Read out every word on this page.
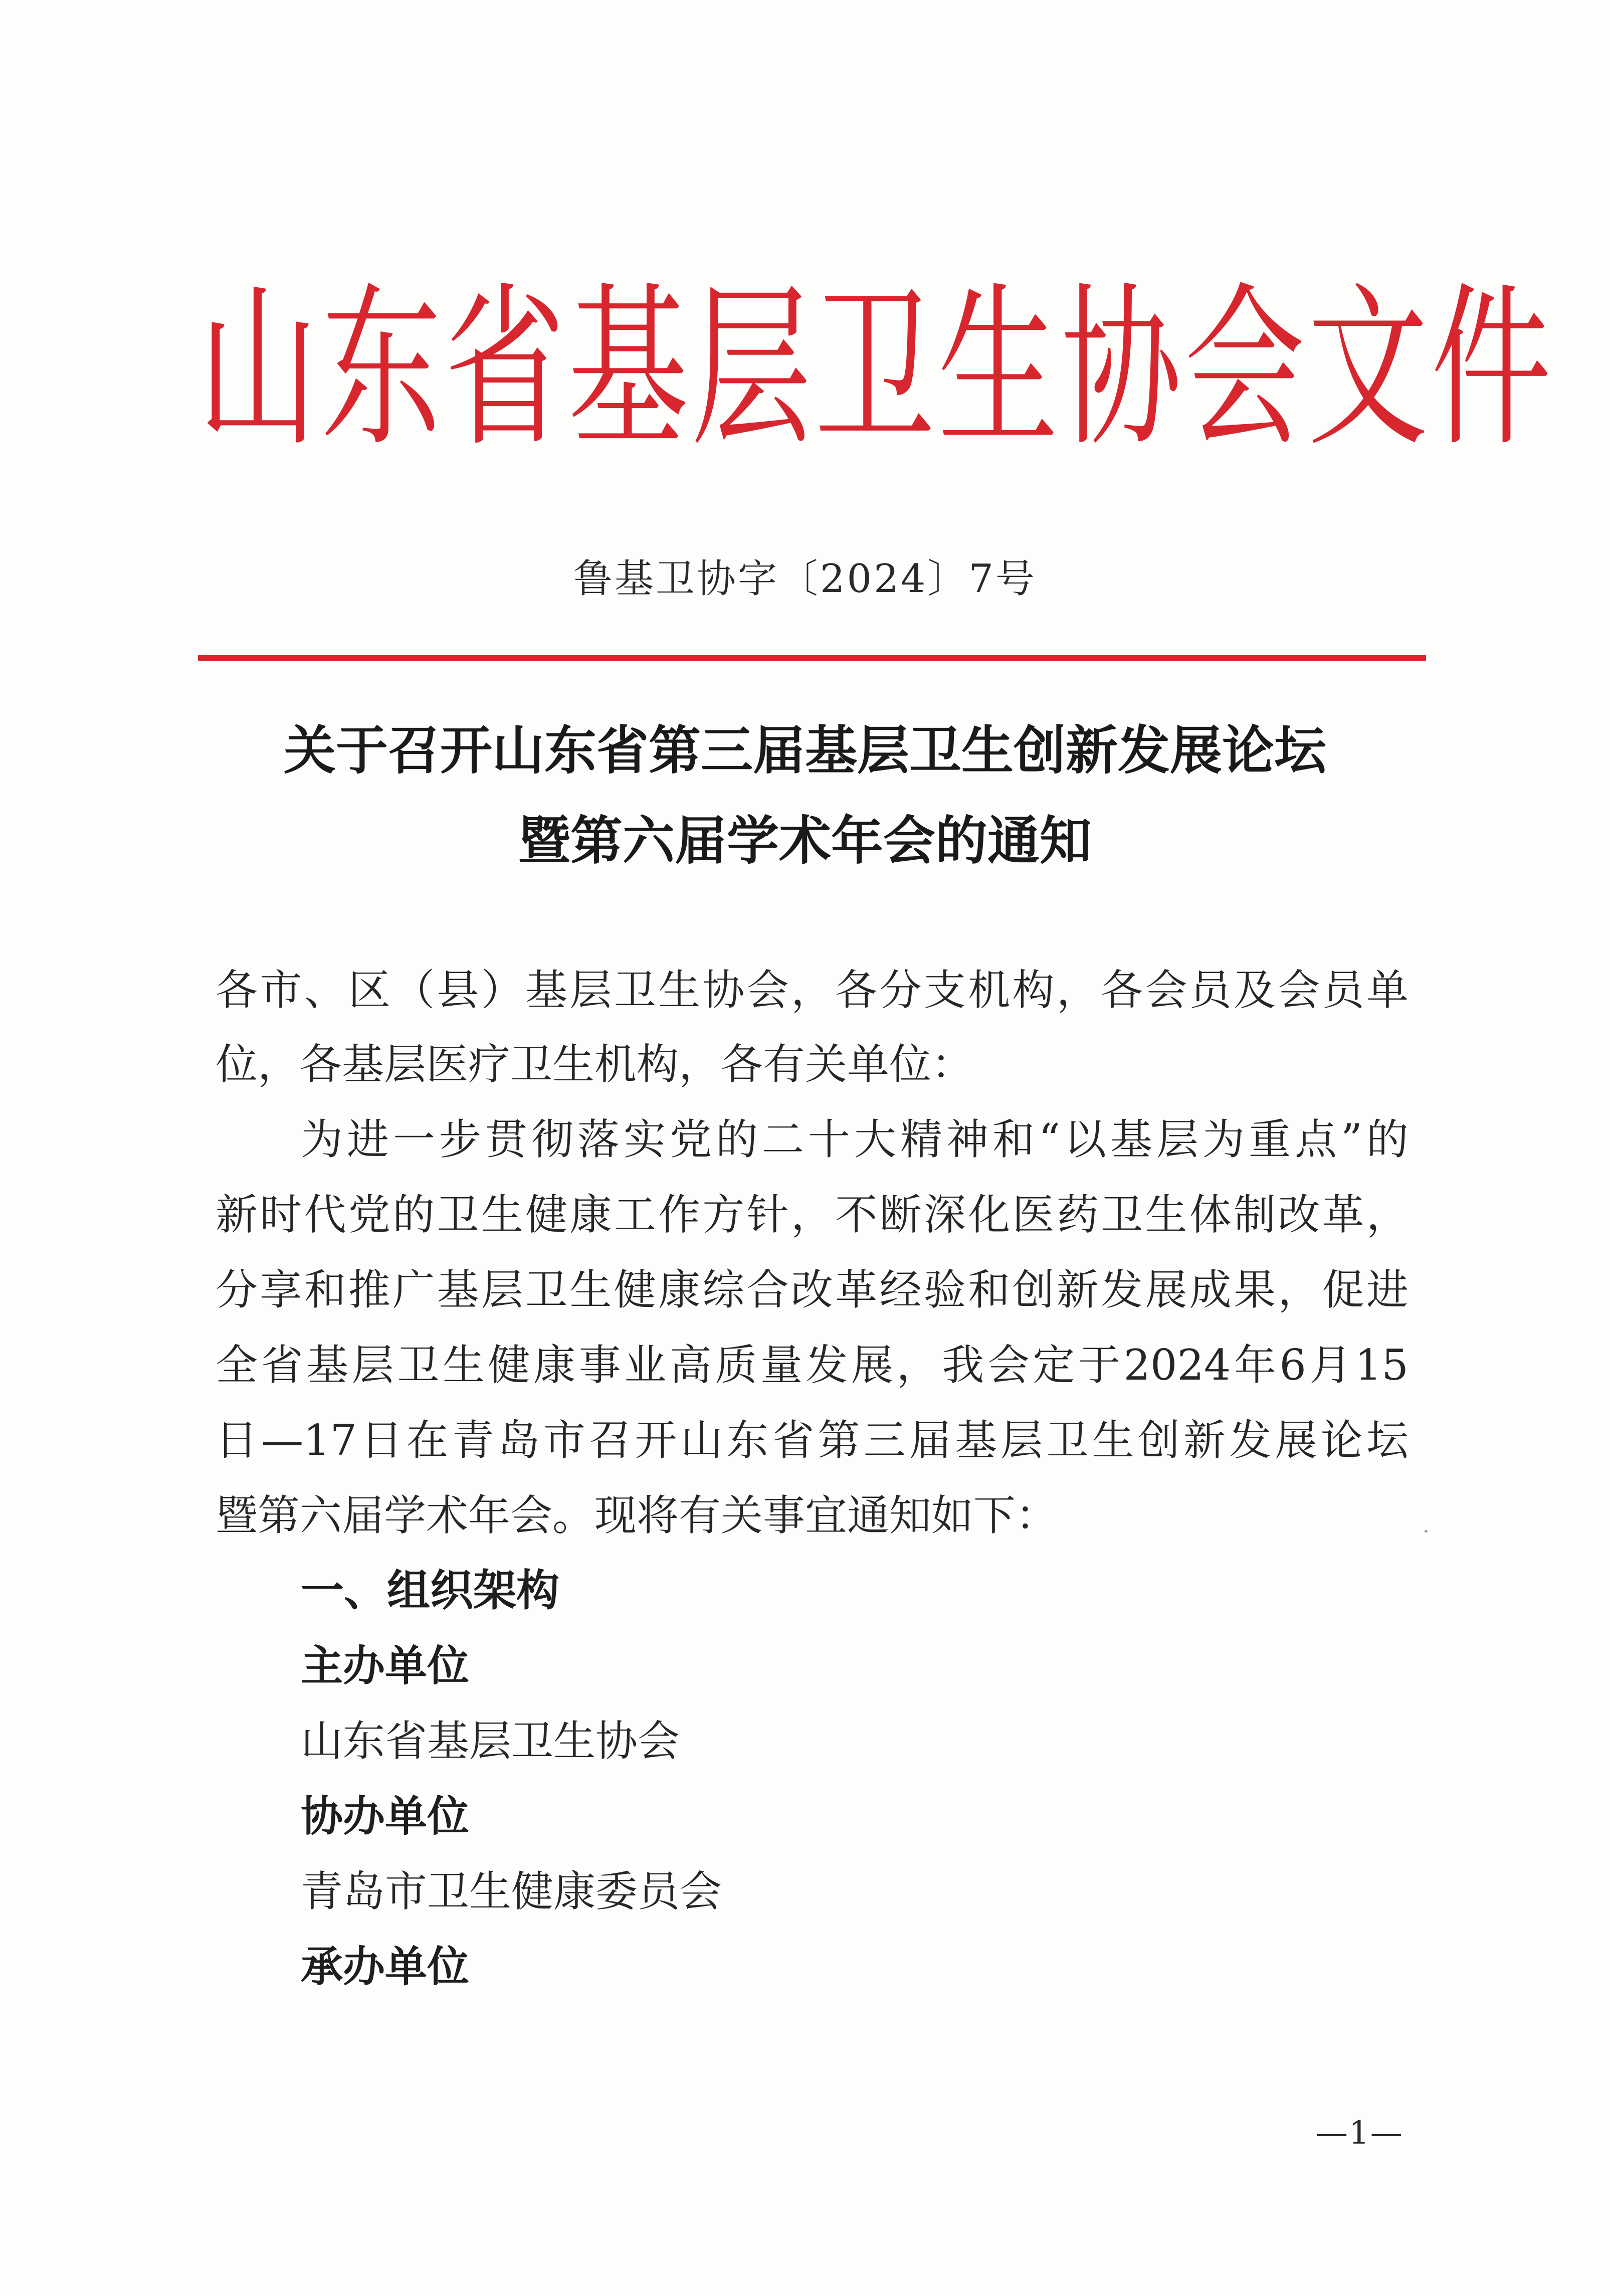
山东省基层卫生协会文件
鲁基卫协字〔2024〕7号
关于召开山东省第三届基层卫生创新发展论坛
暨第六届学术年会的通知
各市、区（县）基层卫生协会，各分支机构，各会员及会员单
位，各基层医疗卫生机构，各有关单位：
为进一步贯彻落实党的二十大精神和“以基层为重点”的
新时代党的卫生健康工作方针，不断深化医药卫生体制改革，
分享和推广基层卫生健康综合改革经验和创新发展成果，促进
全省基层卫生健康事业高质量发展，我会定于2024年6月15
日—17日在青岛市召开山东省第三届基层卫生创新发展论坛
暨第六届学术年会。现将有关事宜通知如下：
一、组织架构
主办单位
山东省基层卫生协会
协办单位
青岛市卫生健康委员会
承办单位
—1—
